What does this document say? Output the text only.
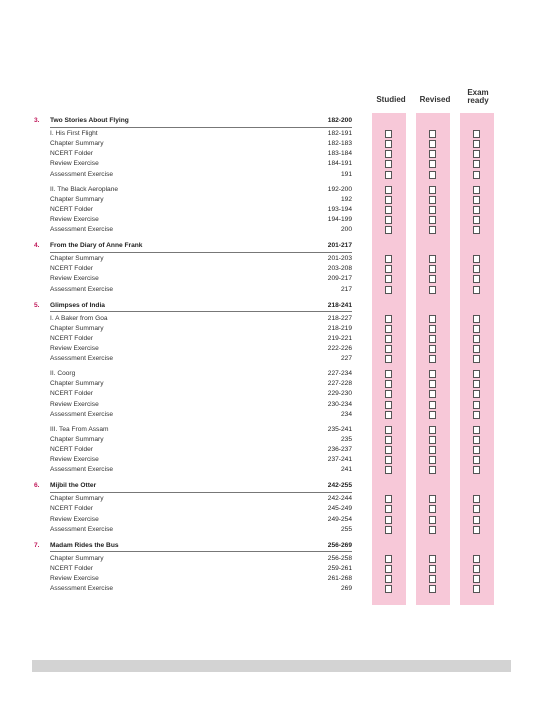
Studied	Revised
Exam
ready
3. Two Stories About Flying	182-200
I. His First Flight	182-191
Chapter Summary	182-183
NCERT Folder	183-184
Review Exercise	184-191
Assessment Exercise	191
II. The Black Aeroplane	192-200
Chapter Summary	192
NCERT Folder	193-194
Review Exercise	194-199
Assessment Exercise	200
4. From the Diary of Anne Frank	201-217
Chapter Summary	201-203
NCERT Folder	203-208
Review Exercise	209-217
Assessment Exercise	217
5. Glimpses of India	218-241
I. A Baker from Goa	218-227
Chapter Summary	218-219
NCERT Folder	219-221
Review Exercise	222-226
Assessment Exercise	227
II. Coorg	227-234
Chapter Summary	227-228
NCERT Folder	229-230
Review Exercise	230-234
Assessment Exercise	234
III. Tea From Assam	235-241
Chapter Summary	235
NCERT Folder	236-237
Review Exercise	237-241
Assessment Exercise	241
6. Mijbil the Otter	242-255
Chapter Summary	242-244
NCERT Folder	245-249
Review Exercise	249-254
Assessment Exercise	255
7. Madam Rides the Bus	256-269
Chapter Summary	256-258
NCERT Folder	259-261
Review Exercise	261-268
Assessment Exercise	269
